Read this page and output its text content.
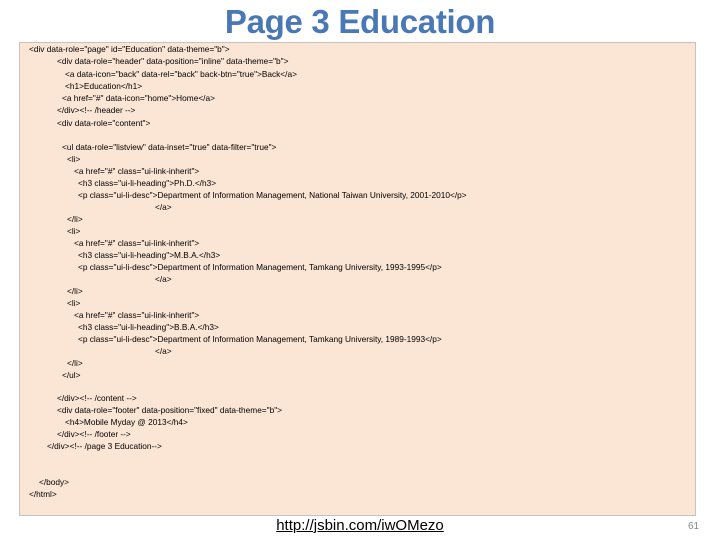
Page 3 Education
<div data-role="page" id="Education" data-theme="b">
<div data-role="header" data-position="inline" data-theme="b">
<a data-icon="back" data-rel="back" back-btn="true">Back</a>
<h1>Education</h1>
<a href="#" data-icon="home">Home</a>
</div><!-- /header -->
<div data-role="content">
<ul data-role="listview" data-inset="true" data-filter="true">
<li>
<a href="#" class="ui-link-inherit">
<h3 class="ui-li-heading">Ph.D.</h3>
<p class="ui-li-desc">Department of Information Management, National Taiwan University, 2001-2010</p>
</a>
</li>
<li>
<a href="#" class="ui-link-inherit">
<h3 class="ui-li-heading">M.B.A.</h3>
<p class="ui-li-desc">Department of Information Management, Tamkang University, 1993-1995</p>
</a>
</li>
<li>
<a href="#" class="ui-link-inherit">
<h3 class="ui-li-heading">B.B.A.</h3>
<p class="ui-li-desc">Department of Information Management, Tamkang University, 1989-1993</p>
</a>
</li>
</ul>
</div><!-- /content -->
<div data-role="footer" data-position="fixed" data-theme="b">
<h4>Mobile Myday @ 2013</h4>
</div><!-- /footer -->
</div><!-- /page 3 Education-->
</body>
</html>
http://jsbin.com/iwOMezo	61
